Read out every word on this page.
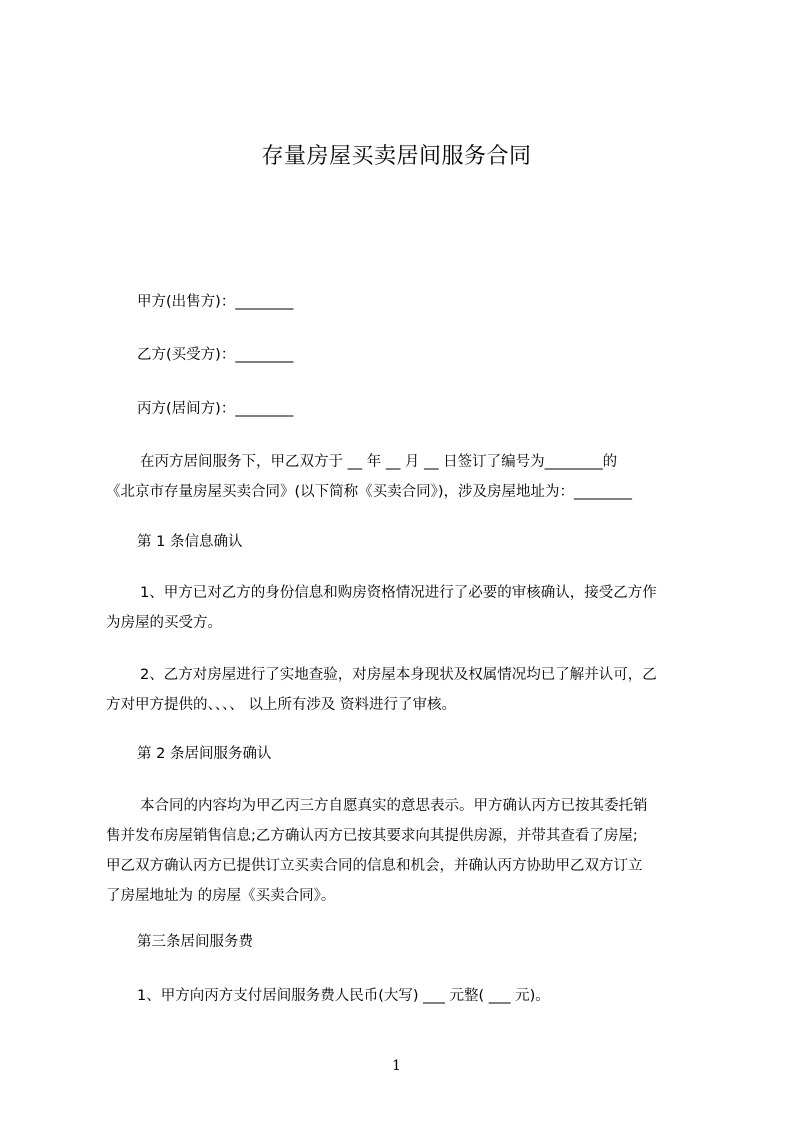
存量房屋买卖居间服务合同
甲方(出售方)：________
乙方(买受方)：________
丙方(居间方)：________
在丙方居间服务下，甲乙双方于 __ 年 __ 月 __ 日签订了编号为________的
《北京市存量房屋买卖合同》(以下简称《买卖合同》)，涉及房屋地址为：________
第 1 条信息确认
1、甲方已对乙方的身份信息和购房资格情况进行了必要的审核确认，接受乙方作
为房屋的买受方。
2、乙方对房屋进行了实地查验，对房屋本身现状及权属情况均已了解并认可，乙
方对甲方提供的、、、、 以上所有涉及 资料进行了审核。
第 2 条居间服务确认
本合同的内容均为甲乙丙三方自愿真实的意思表示。甲方确认丙方已按其委托销
售并发布房屋销售信息;乙方确认丙方已按其要求向其提供房源，并带其查看了房屋;
甲乙双方确认丙方已提供订立买卖合同的信息和机会，并确认丙方协助甲乙双方订立
了房屋地址为 的房屋《买卖合同》。
第三条居间服务费
1、甲方向丙方支付居间服务费人民币(大写) ___ 元整( ___ 元)。
1
